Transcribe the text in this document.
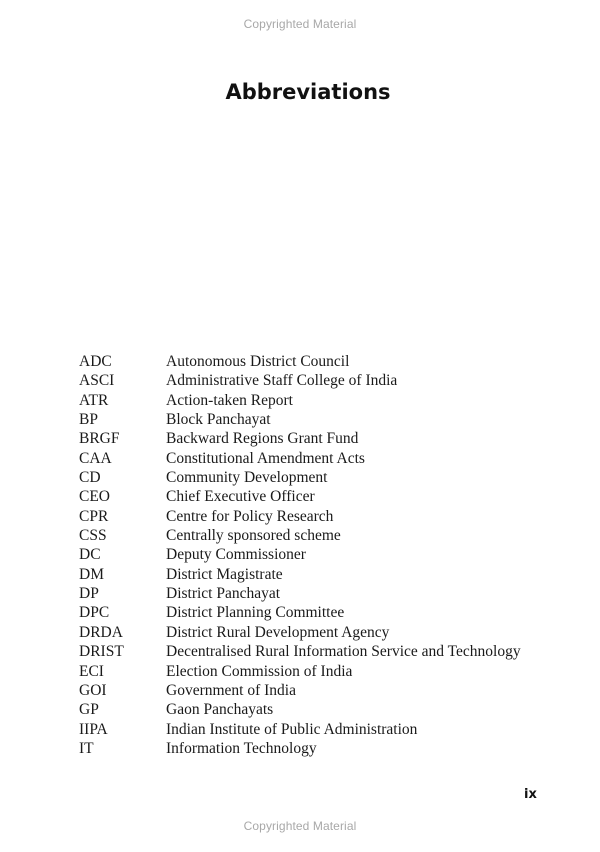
Copyrighted Material
Abbreviations
ADC	Autonomous District Council
ASCI	Administrative Staff College of India
ATR	Action-taken Report
BP	Block Panchayat
BRGF	Backward Regions Grant Fund
CAA	Constitutional Amendment Acts
CD	Community Development
CEO	Chief Executive Officer
CPR	Centre for Policy Research
CSS	Centrally sponsored scheme
DC	Deputy Commissioner
DM	District Magistrate
DP	District Panchayat
DPC	District Planning Committee
DRDA	District Rural Development Agency
DRIST	Decentralised Rural Information Service and Technology
ECI	Election Commission of India
GOI	Government of India
GP	Gaon Panchayats
IIPA	Indian Institute of Public Administration
IT	Information Technology
ix
Copyrighted Material
